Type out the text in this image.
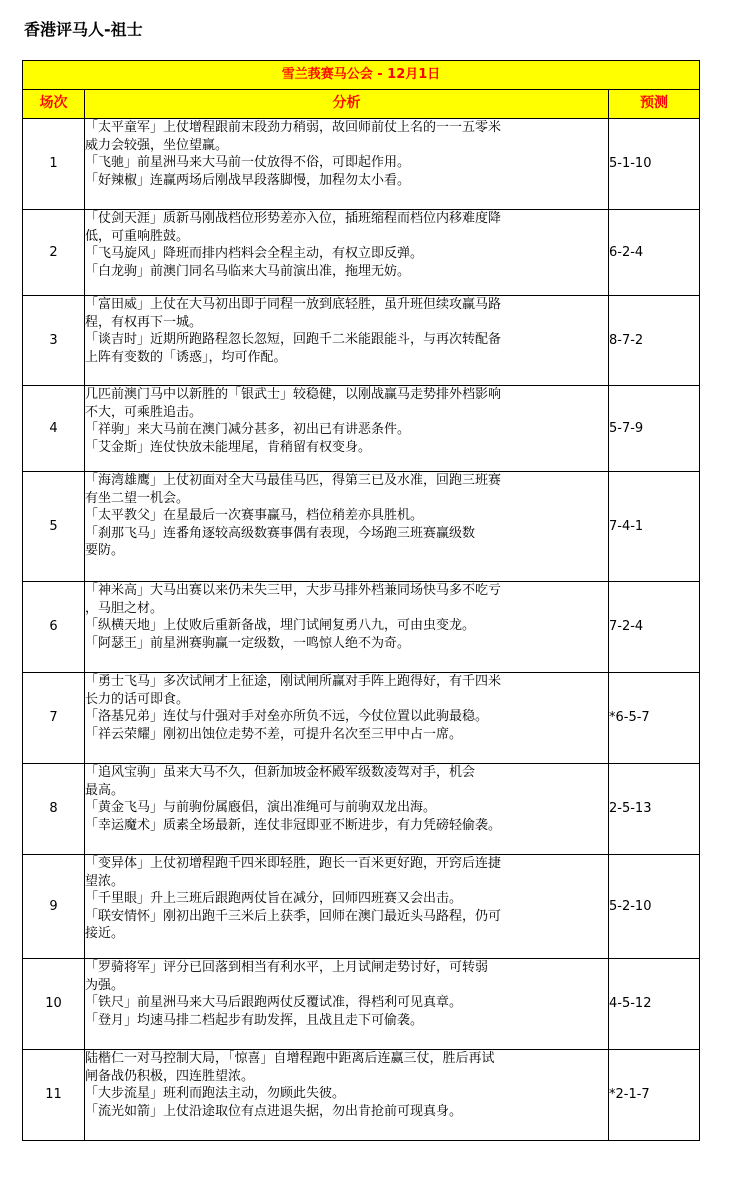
香港评马人-祖士
雪兰莪赛马公会 - 12月1日		
场次	分析	预测
1	「太平童军」上仗增程跟前末段劲力稍弱，故回师前仗上名的一一五零米
威力会较强，坐位望赢。
「飞驰」前星洲马来大马前一仗放得不俗，可即起作用。
「好辣椒」连赢两场后刚战早段落脚慢，加程勿太小看。	5-1-10
2	「仗剑天涯」质新马刚战档位形势差亦入位，插班缩程而档位内移难度降
低，可重响胜鼓。
「飞马旋风」降班而排内档料会全程主动，有权立即反弹。
「白龙驹」前澳门同名马临来大马前演出准，拖埋无妨。	6-2-4
3	「富田威」上仗在大马初出即于同程一放到底轻胜，虽升班但续攻赢马路
程，有权再下一城。
「谈吉时」近期所跑路程忽长忽短，回跑千二米能跟能斗，与再次转配备
上阵有变数的「诱惑」，均可作配。	8-7-2
4	几匹前澳门马中以新胜的「银武士」较稳健，以刚战赢马走势排外档影响
不大，可乘胜追击。
「祥驹」来大马前在澳门减分甚多，初出已有讲恶条件。
「艾金斯」连仗快放未能埋尾，肯稍留有权变身。	5-7-9
5	「海湾雄鹰」上仗初面对全大马最佳马匹，得第三已及水准，回跑三班赛
有坐二望一机会。
「太平教父」在星最后一次赛事赢马，档位稍差亦具胜机。
「刹那飞马」连番角逐较高级数赛事偶有表现，今场跑三班赛赢级数
要防。	7-4-1
6	「神米高」大马出赛以来仍未失三甲，大步马排外档兼同场快马多不吃亏
，马胆之材。
「纵横天地」上仗败后重新备战，埋门试闸复勇八九，可由虫变龙。
「阿瑟王」前星洲赛驹赢一定级数，一鸣惊人绝不为奇。	7-2-4
7	「勇士飞马」多次试闸才上征途，刚试闸所赢对手阵上跑得好，有千四米
长力的话可即食。
「洛基兄弟」连仗与什强对手对垒亦所负不远，今仗位置以此驹最稳。
「祥云荣耀」刚初出蚀位走势不差，可提升名次至三甲中占一席。	*6-5-7
8	「追风宝驹」虽来大马不久，但新加坡金杯殿军级数凌驾对手，机会
最高。
「黄金飞马」与前驹份属廏侣，演出准绳可与前驹双龙出海。
「幸运魔术」质素全场最新，连仗非冠即亚不断进步，有力凭磅轻偷袭。	2-5-13
9	「变异体」上仗初增程跑千四米即轻胜，跑长一百米更好跑，开窍后连捷
望浓。
「千里眼」升上三班后跟跑两仗旨在减分，回师四班赛又会出击。
「联安情怀」刚初出跑千三米后上获季，回师在澳门最近头马路程，仍可
接近。	5-2-10
10	「罗骑将军」评分已回落到相当有利水平，上月试闸走势讨好，可转弱
为强。
「铁尺」前星洲马来大马后跟跑两仗反覆试准，得档利可见真章。
「登月」均速马排二档起步有助发挥，且战且走下可偷袭。	4-5-12
11	陆楷仁一对马控制大局，「惊喜」自增程跑中距离后连赢三仗，胜后再试
闸备战仍积极，四连胜望浓。
「大步流星」班利而跑法主动，勿顾此失彼。
「流光如箭」上仗沿途取位有点进退失据，勿出肯抢前可现真身。	*2-1-7
